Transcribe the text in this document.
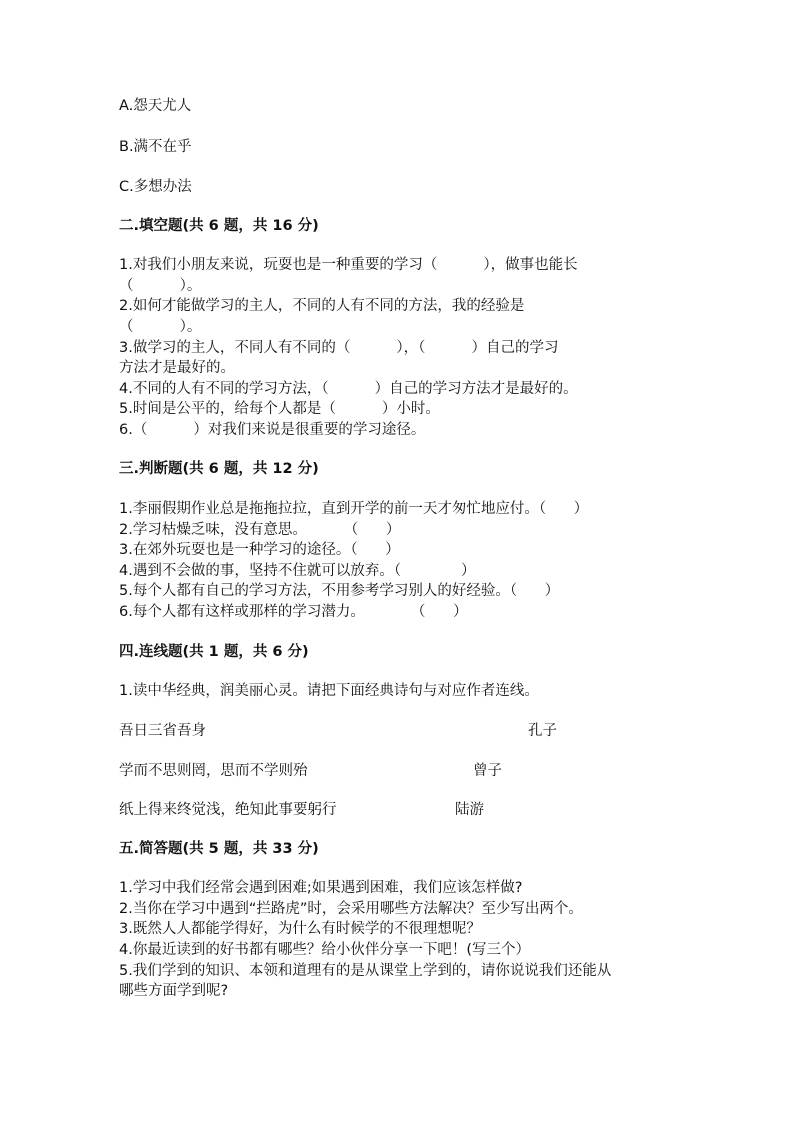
A.怨天尤人
B.满不在乎
C.多想办法
二.填空题(共 6 题，共 16 分)
1.对我们小朋友来说，玩耍也是一种重要的学习（          ），做事也能长
（          ）。
2.如何才能做学习的主人，不同的人有不同的方法，我的经验是
（          ）。
3.做学习的主人，不同人有不同的（          ），（          ）自己的学习
方法才是最好的。
4.不同的人有不同的学习方法，（          ）自己的学习方法才是最好的。
5.时间是公平的，给每个人都是（          ）小时。
6.（          ）对我们来说是很重要的学习途径。
三.判断题(共 6 题，共 12 分)
1.李丽假期作业总是拖拖拉拉，直到开学的前一天才匆忙地应付。（      ）
2.学习枯燥乏味，没有意思。        （      ）
3.在郊外玩耍也是一种学习的途径。（      ）
4.遇到不会做的事，坚持不住就可以放弃。（             ）
5.每个人都有自己的学习方法，不用参考学习别人的好经验。（      ）
6.每个人都有这样或那样的学习潜力。          （      ）
四.连线题(共 1 题，共 6 分)
1.读中华经典，润美丽心灵。请把下面经典诗句与对应作者连线。
吾日三省吾身	孔子
学而不思则罔，思而不学则殆	曾子
纸上得来终觉浅，绝知此事要躬行	陆游
五.简答题(共 5 题，共 33 分)
1.学习中我们经常会遇到困难;如果遇到困难，我们应该怎样做?
2.当你在学习中遇到“拦路虎”时，会采用哪些方法解决？至少写出两个。
3.既然人人都能学得好，为什么有时候学的不很理想呢？
4.你最近读到的好书都有哪些？给小伙伴分享一下吧！(写三个）
5.我们学到的知识、本领和道理有的是从课堂上学到的，请你说说我们还能从
哪些方面学到呢?
